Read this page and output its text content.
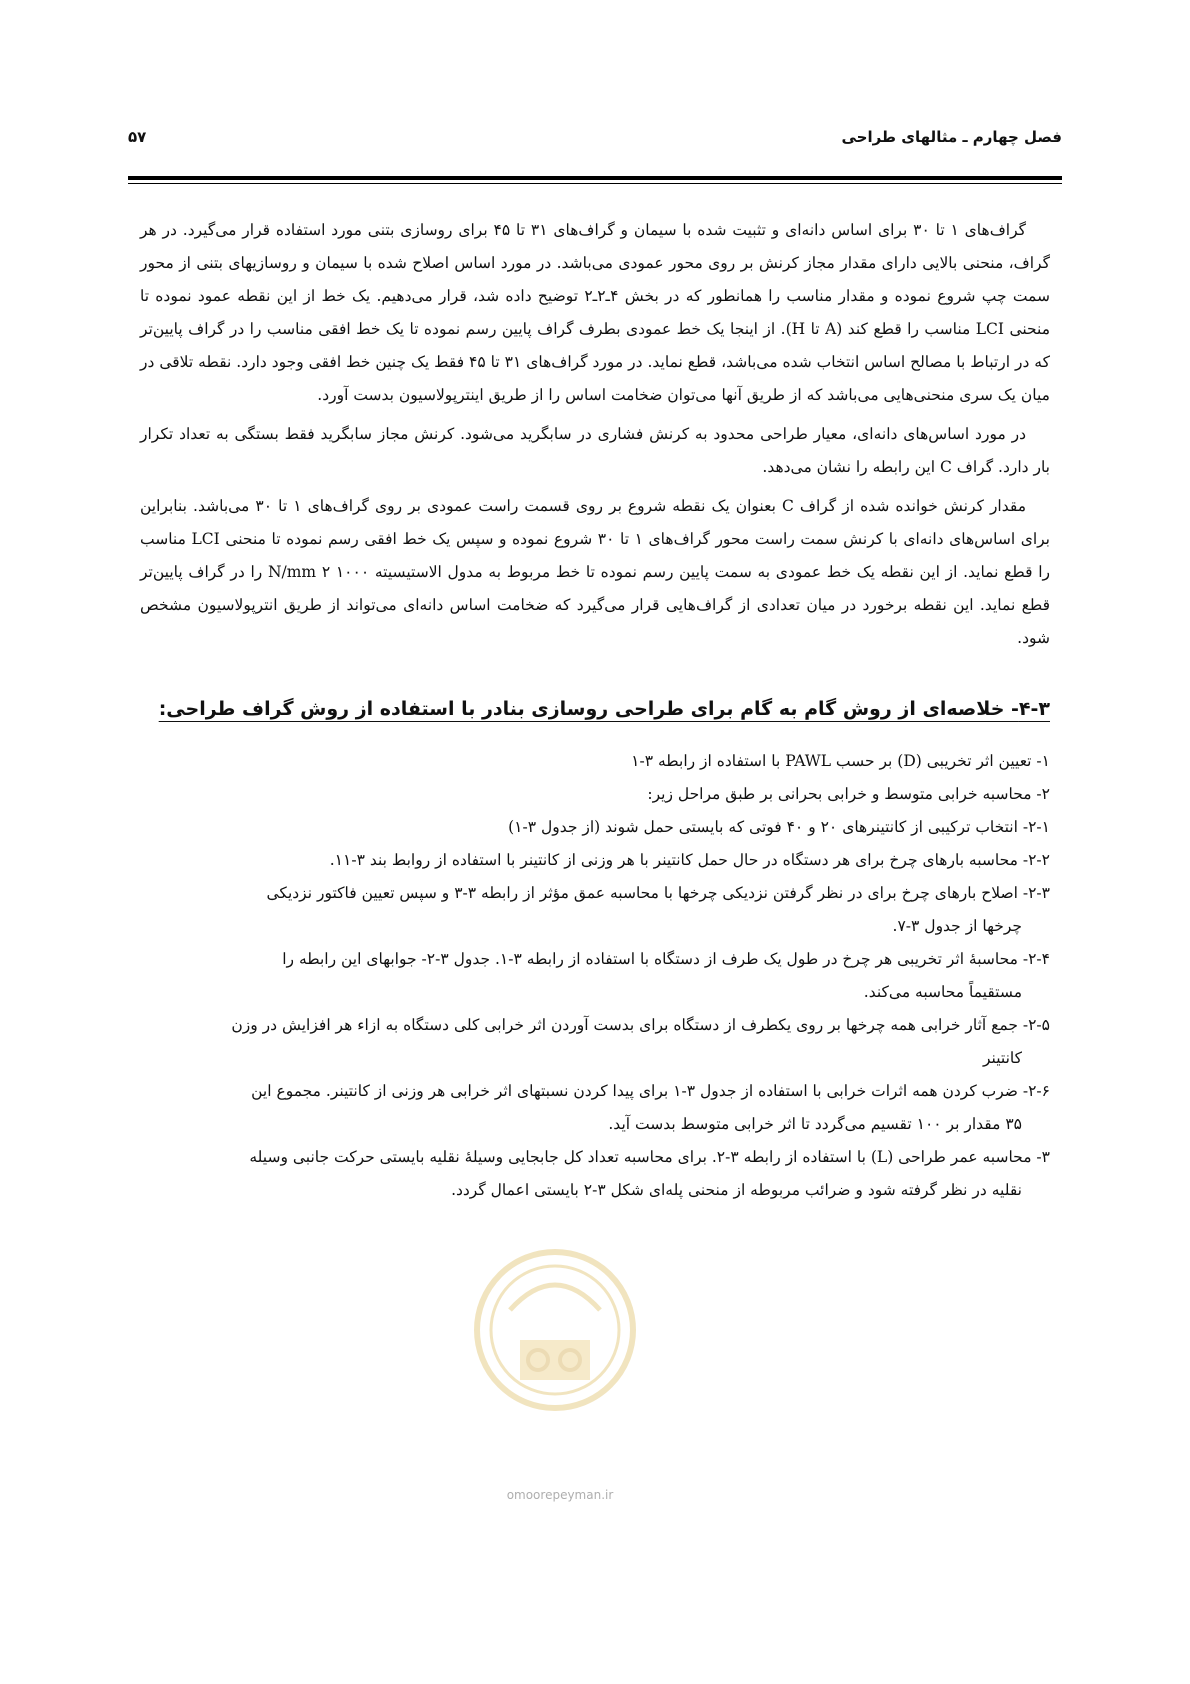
فصل چهارم ـ مثالهای طراحی
۵۷

گراف‌های ۱ تا ۳۰ برای اساس دانه‌ای و تثبیت شده با سیمان و گراف‌های ۳۱ تا ۴۵ برای روسازی بتنی مورد استفاده قرار می‌گیرد. در هر گراف، منحنی بالایی دارای مقدار مجاز کرنش بر روی محور عمودی می‌باشد. در مورد اساس اصلاح شده با سیمان و روسازیهای بتنی از محور سمت چپ شروع نموده و مقدار مناسب را همانطور که در بخش ۴ـ۲ـ۲ توضیح داده شد، قرار می‌دهیم. یک خط از این نقطه عمود نموده تا منحنی LCI مناسب را قطع کند (A تا H). از اینجا یک خط عمودی بطرف گراف پایین رسم نموده تا یک خط افقی مناسب را در گراف پایین‌تر که در ارتباط با مصالح اساس انتخاب شده می‌باشد، قطع نماید. در مورد گراف‌های ۳۱ تا ۴۵ فقط یک چنین خط افقی وجود دارد. نقطه تلاقی در میان یک سری منحنی‌هایی می‌باشد که از طریق آنها می‌توان ضخامت اساس را از طریق اینترپولاسیون بدست آورد.

در مورد اساس‌های دانه‌ای، معیار طراحی محدود به کرنش فشاری در سابگرید می‌شود. کرنش مجاز سابگرید فقط بستگی به تعداد تکرار بار دارد. گراف C این رابطه را نشان می‌دهد.

مقدار کرنش خوانده شده از گراف C بعنوان یک نقطه شروع بر روی قسمت راست عمودی بر روی گراف‌های ۱ تا ۳۰ می‌باشد. بنابراین برای اساس‌های دانه‌ای با کرنش سمت راست محور گراف‌های ۱ تا ۳۰ شروع نموده و سپس یک خط افقی رسم نموده تا منحنی LCI مناسب را قطع نماید. از این نقطه یک خط عمودی به سمت پایین رسم نموده تا خط مربوط به مدول الاستیسیته ۱۰۰۰ N/mm ۲ را در گراف پایین‌تر قطع نماید. این نقطه برخورد در میان تعدادی از گراف‌هایی قرار می‌گیرد که ضخامت اساس دانه‌ای می‌تواند از طریق انترپولاسیون مشخص شود.

۴-۳- خلاصه‌ای از روش گام به گام برای طراحی روسازی بنادر با استفاده از روش گراف طراحی:
۱- تعیین اثر تخریبی (D) بر حسب PAWL با استفاده از رابطه ۳-۱
۲- محاسبه خرابی متوسط و خرابی بحرانی بر طبق مراحل زیر:
۲-۱- انتخاب ترکیبی از کانتینرهای ۲۰ و ۴۰ فوتی که بایستی حمل شوند (از جدول ۳-۱)
۲-۲- محاسبه بارهای چرخ برای هر دستگاه در حال حمل کانتینر با هر وزنی از کانتینر با استفاده از روابط بند ۳-۱۱.
۲-۳- اصلاح بارهای چرخ برای در نظر گرفتن نزدیکی چرخها با محاسبه عمق مؤثر از رابطه ۳-۳ و سپس تعیین فاکتور نزدیکی
چرخها از جدول ۳-۷.
۲-۴- محاسبهٔ اثر تخریبی هر چرخ در طول یک طرف از دستگاه با استفاده از رابطه ۳-۱. جدول ۳-۲- جوابهای این رابطه را
مستقیماً محاسبه می‌کند.
۲-۵- جمع آثار خرابی همه چرخها بر روی یکطرف از دستگاه برای بدست آوردن اثر خرابی کلی دستگاه به ازاء هر افزایش در وزن
کانتینر
۲-۶- ضرب کردن همه اثرات خرابی با استفاده از جدول ۳-۱ برای پیدا کردن نسبتهای اثر خرابی هر وزنی از کانتینر. مجموع این
۳۵ مقدار بر ۱۰۰ تقسیم می‌گردد تا اثر خرابی متوسط بدست آید.
۳- محاسبه عمر طراحی (L) با استفاده از رابطه ۳-۲. برای محاسبه تعداد کل جابجایی وسیلهٔ نقلیه بایستی حرکت جانبی وسیله
نقلیه در نظر گرفته شود و ضرائب مربوطه از منحنی پله‌ای شکل ۳-۲ بایستی اعمال گردد.
omoorepeyman.ir
